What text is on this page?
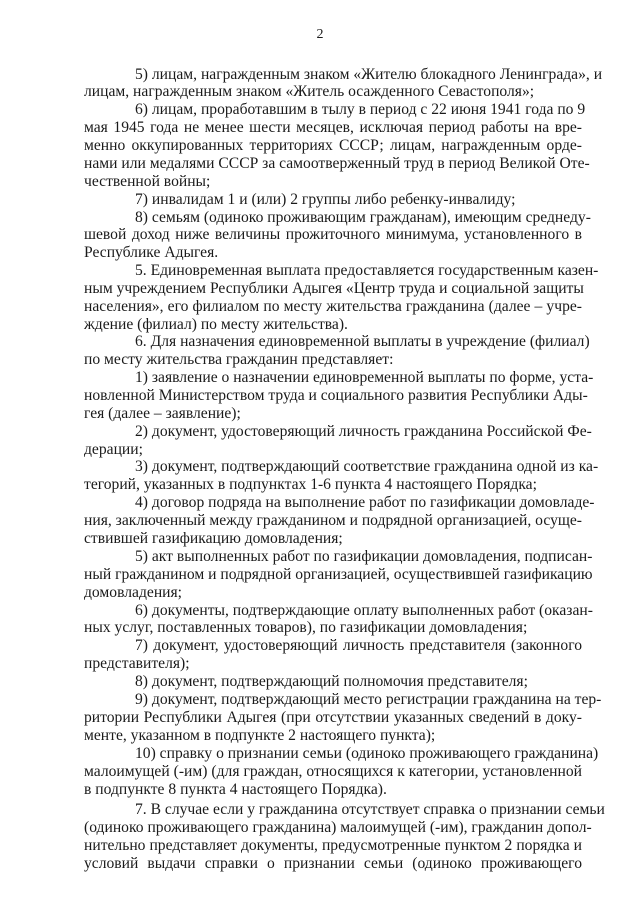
2
5) лицам, награжденным знаком «Жителю блокадного Ленинграда», и
лицам, награжденным знаком «Житель осажденного Севастополя»;
6) лицам, проработавшим в тылу в период с 22 июня 1941 года по 9
мая 1945 года не менее шести месяцев, исключая период работы на вре-
менно оккупированных территориях СССР; лицам, награжденным орде-
нами или медалями СССР за самоотверженный труд в период Великой Оте-
чественной войны;
7) инвалидам 1 и (или) 2 группы либо ребенку-инвалиду;
8) семьям (одиноко проживающим гражданам), имеющим среднеду-
шевой доход ниже величины прожиточного минимума, установленного в
Республике Адыгея.
5. Единовременная выплата предоставляется государственным казен-
ным учреждением Республики Адыгея «Центр труда и социальной защиты
населения», его филиалом по месту жительства гражданина (далее – учре-
ждение (филиал) по месту жительства).
6. Для назначения единовременной выплаты в учреждение (филиал)
по месту жительства гражданин представляет:
1) заявление о назначении единовременной выплаты по форме, уста-
новленной Министерством труда и социального развития Республики Ады-
гея (далее – заявление);
2) документ, удостоверяющий личность гражданина Российской Фе-
дерации;
3) документ, подтверждающий соответствие гражданина одной из ка-
тегорий, указанных в подпунктах 1-6 пункта 4 настоящего Порядка;
4) договор подряда на выполнение работ по газификации домовладе-
ния, заключенный между гражданином и подрядной организацией, осуще-
ствившей газификацию домовладения;
5) акт выполненных работ по газификации домовладения, подписан-
ный гражданином и подрядной организацией, осуществившей газификацию
домовладения;
6) документы, подтверждающие оплату выполненных работ (оказан-
ных услуг, поставленных товаров), по газификации домовладения;
7) документ, удостоверяющий личность представителя (законного
представителя);
8) документ, подтверждающий полномочия представителя;
9) документ, подтверждающий место регистрации гражданина на тер-
ритории Республики Адыгея (при отсутствии указанных сведений в доку-
менте, указанном в подпункте 2 настоящего пункта);
10) справку о признании семьи (одиноко проживающего гражданина)
малоимущей (-им) (для граждан, относящихся к категории, установленной
в подпункте 8 пункта 4 настоящего Порядка).
7. В случае если у гражданина отсутствует справка о признании семьи
(одиноко проживающего гражданина) малоимущей (-им), гражданин допол-
нительно представляет документы, предусмотренные пунктом 2 порядка и
условий выдачи справки о признании семьи (одиноко проживающего
